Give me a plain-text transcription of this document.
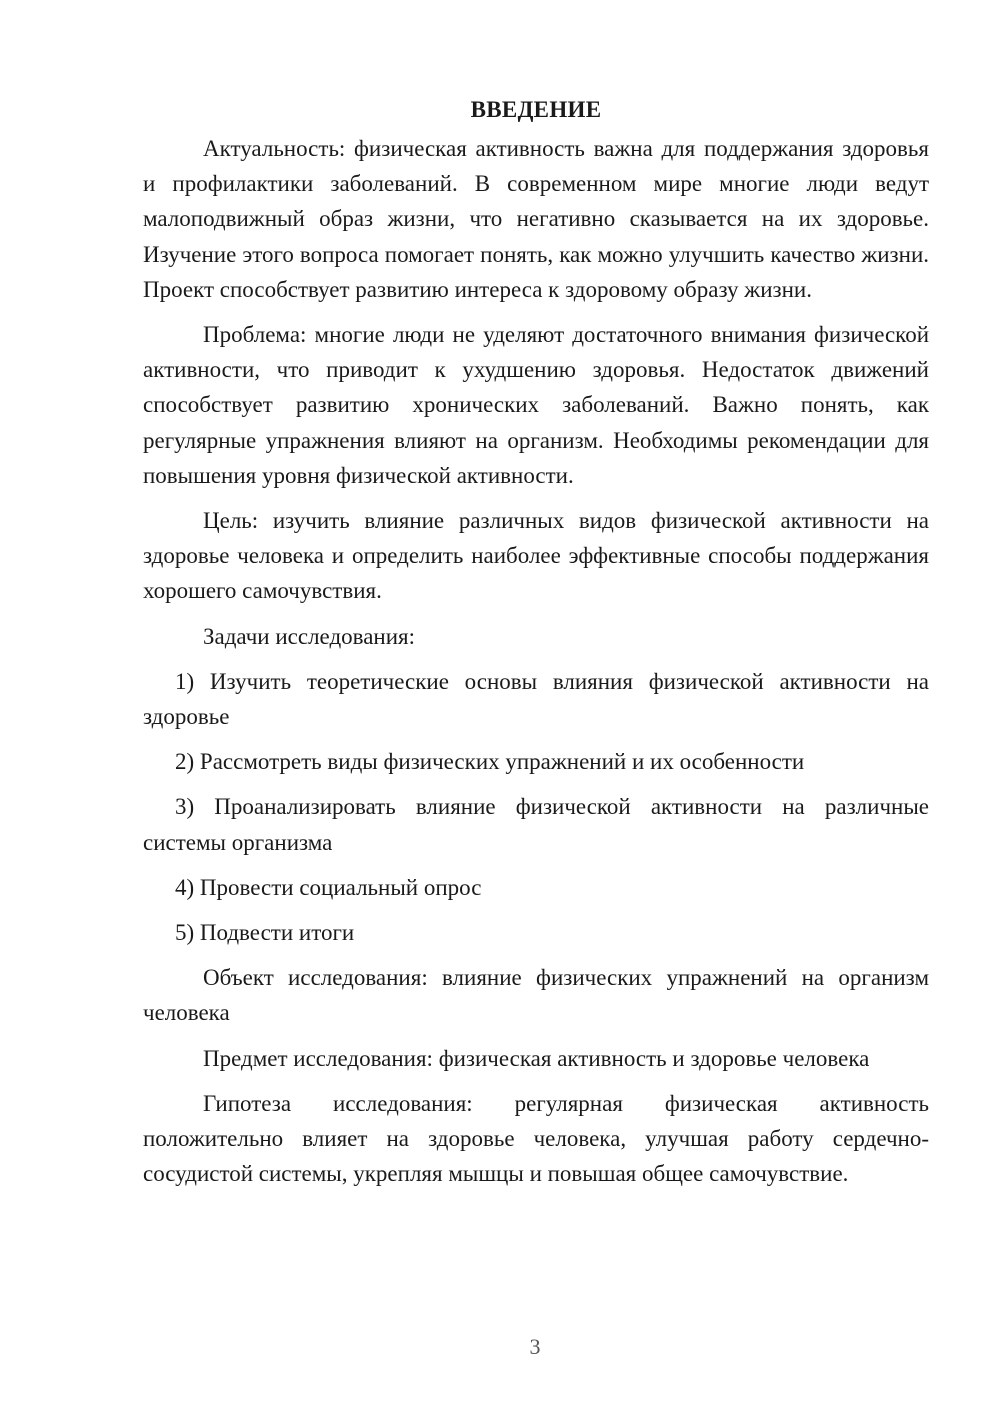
ВВЕДЕНИЕ

Актуальность: физическая активность важна для поддержания здоровья и профилактики заболеваний. В современном мире многие люди ведут малоподвижный образ жизни, что негативно сказывается на их здоровье. Изучение этого вопроса помогает понять, как можно улучшить качество жизни. Проект способствует развитию интереса к здоровому образу жизни.

Проблема: многие люди не уделяют достаточного внимания физической активности, что приводит к ухудшению здоровья. Недостаток движений способствует развитию хронических заболеваний. Важно понять, как регулярные упражнения влияют на организм. Необходимы рекомендации для повышения уровня физической активности.

Цель: изучить влияние различных видов физической активности на здоровье человека и определить наиболее эффективные способы поддержания хорошего самочувствия.

Задачи исследования:

1) Изучить теоретические основы влияния физической активности на здоровье

2) Рассмотреть виды физических упражнений и их особенности

3) Проанализировать влияние физической активности на различные системы организма

4) Провести социальный опрос

5) Подвести итоги

Объект исследования: влияние физических упражнений на организм человека

Предмет исследования: физическая активность и здоровье человека

Гипотеза исследования: регулярная физическая активность положительно влияет на здоровье человека, улучшая работу сердечно-сосудистой системы, укрепляя мышцы и повышая общее самочувствие.

3
